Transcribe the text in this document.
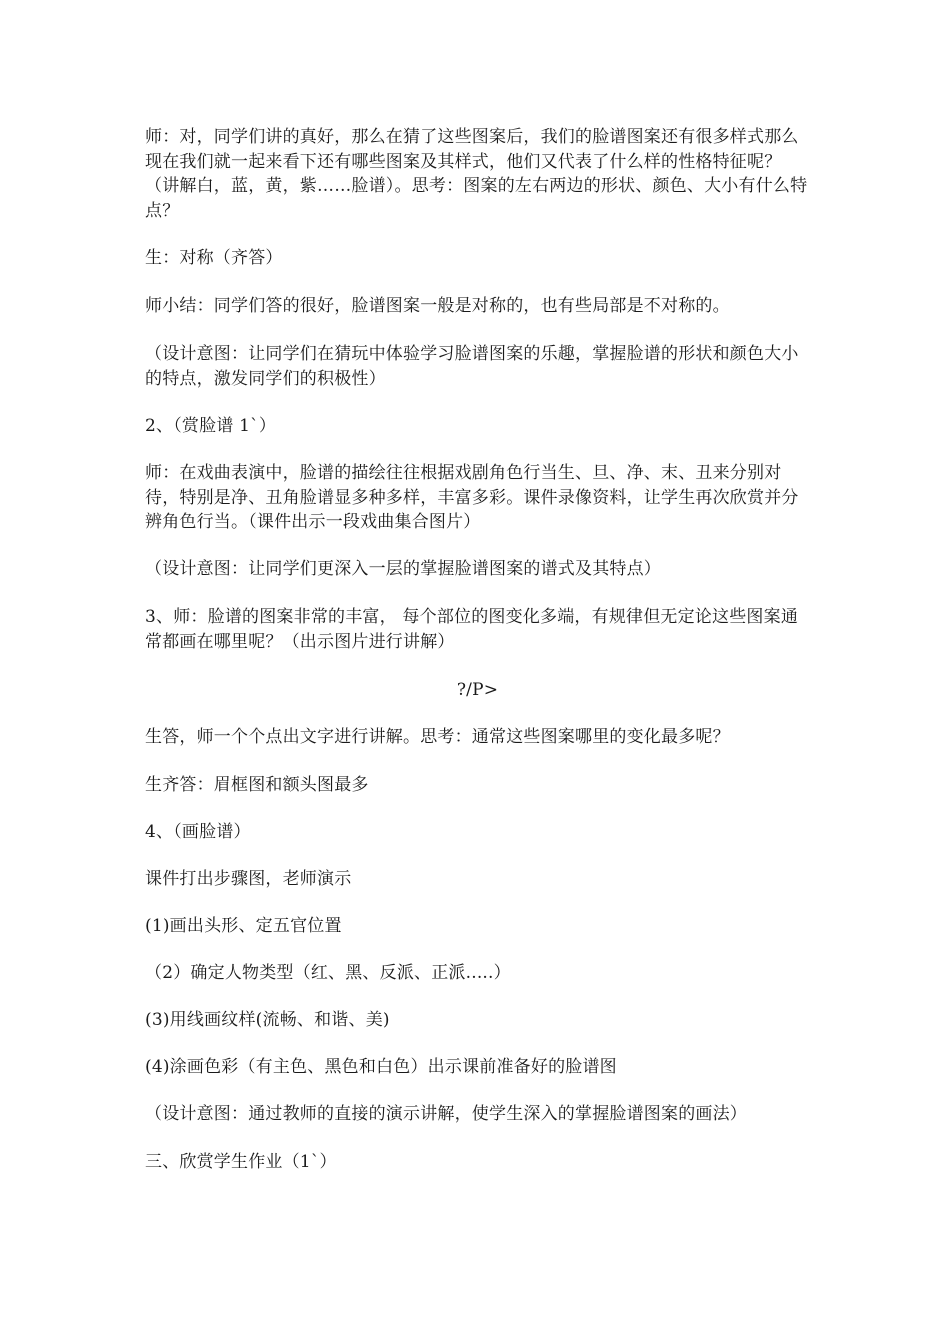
师：对，同学们讲的真好，那么在猜了这些图案后，我们的脸谱图案还有很多样式那么现在我们就一起来看下还有哪些图案及其样式，他们又代表了什么样的性格特征呢？（讲解白，蓝，黄，紫……脸谱）。思考：图案的左右两边的形状、颜色、大小有什么特点？
生：对称（齐答）
师小结：同学们答的很好，脸谱图案一般是对称的，也有些局部是不对称的。
（设计意图：让同学们在猜玩中体验学习脸谱图案的乐趣，掌握脸谱的形状和颜色大小的特点，激发同学们的积极性）
2、（赏脸谱 1`）
师：在戏曲表演中，脸谱的描绘往往根据戏剧角色行当生、旦、净、末、丑来分别对待，特别是净、丑角脸谱显多种多样，丰富多彩。课件录像资料，让学生再次欣赏并分辨角色行当。（课件出示一段戏曲集合图片）
（设计意图：让同学们更深入一层的掌握脸谱图案的谱式及其特点）
3、师：脸谱的图案非常的丰富， 每个部位的图变化多端，有规律但无定论这些图案通常都画在哪里呢？（出示图片进行讲解）
?/P>
生答，师一个个点出文字进行讲解。思考：通常这些图案哪里的变化最多呢？
生齐答：眉框图和额头图最多
4、（画脸谱）
课件打出步骤图，老师演示
(1)画出头形、定五官位置
（2）确定人物类型（红、黑、反派、正派.....）
(3)用线画纹样(流畅、和谐、美)
(4)涂画色彩（有主色、黑色和白色）出示课前准备好的脸谱图
（设计意图：通过教师的直接的演示讲解，使学生深入的掌握脸谱图案的画法）
三、欣赏学生作业（1`）
